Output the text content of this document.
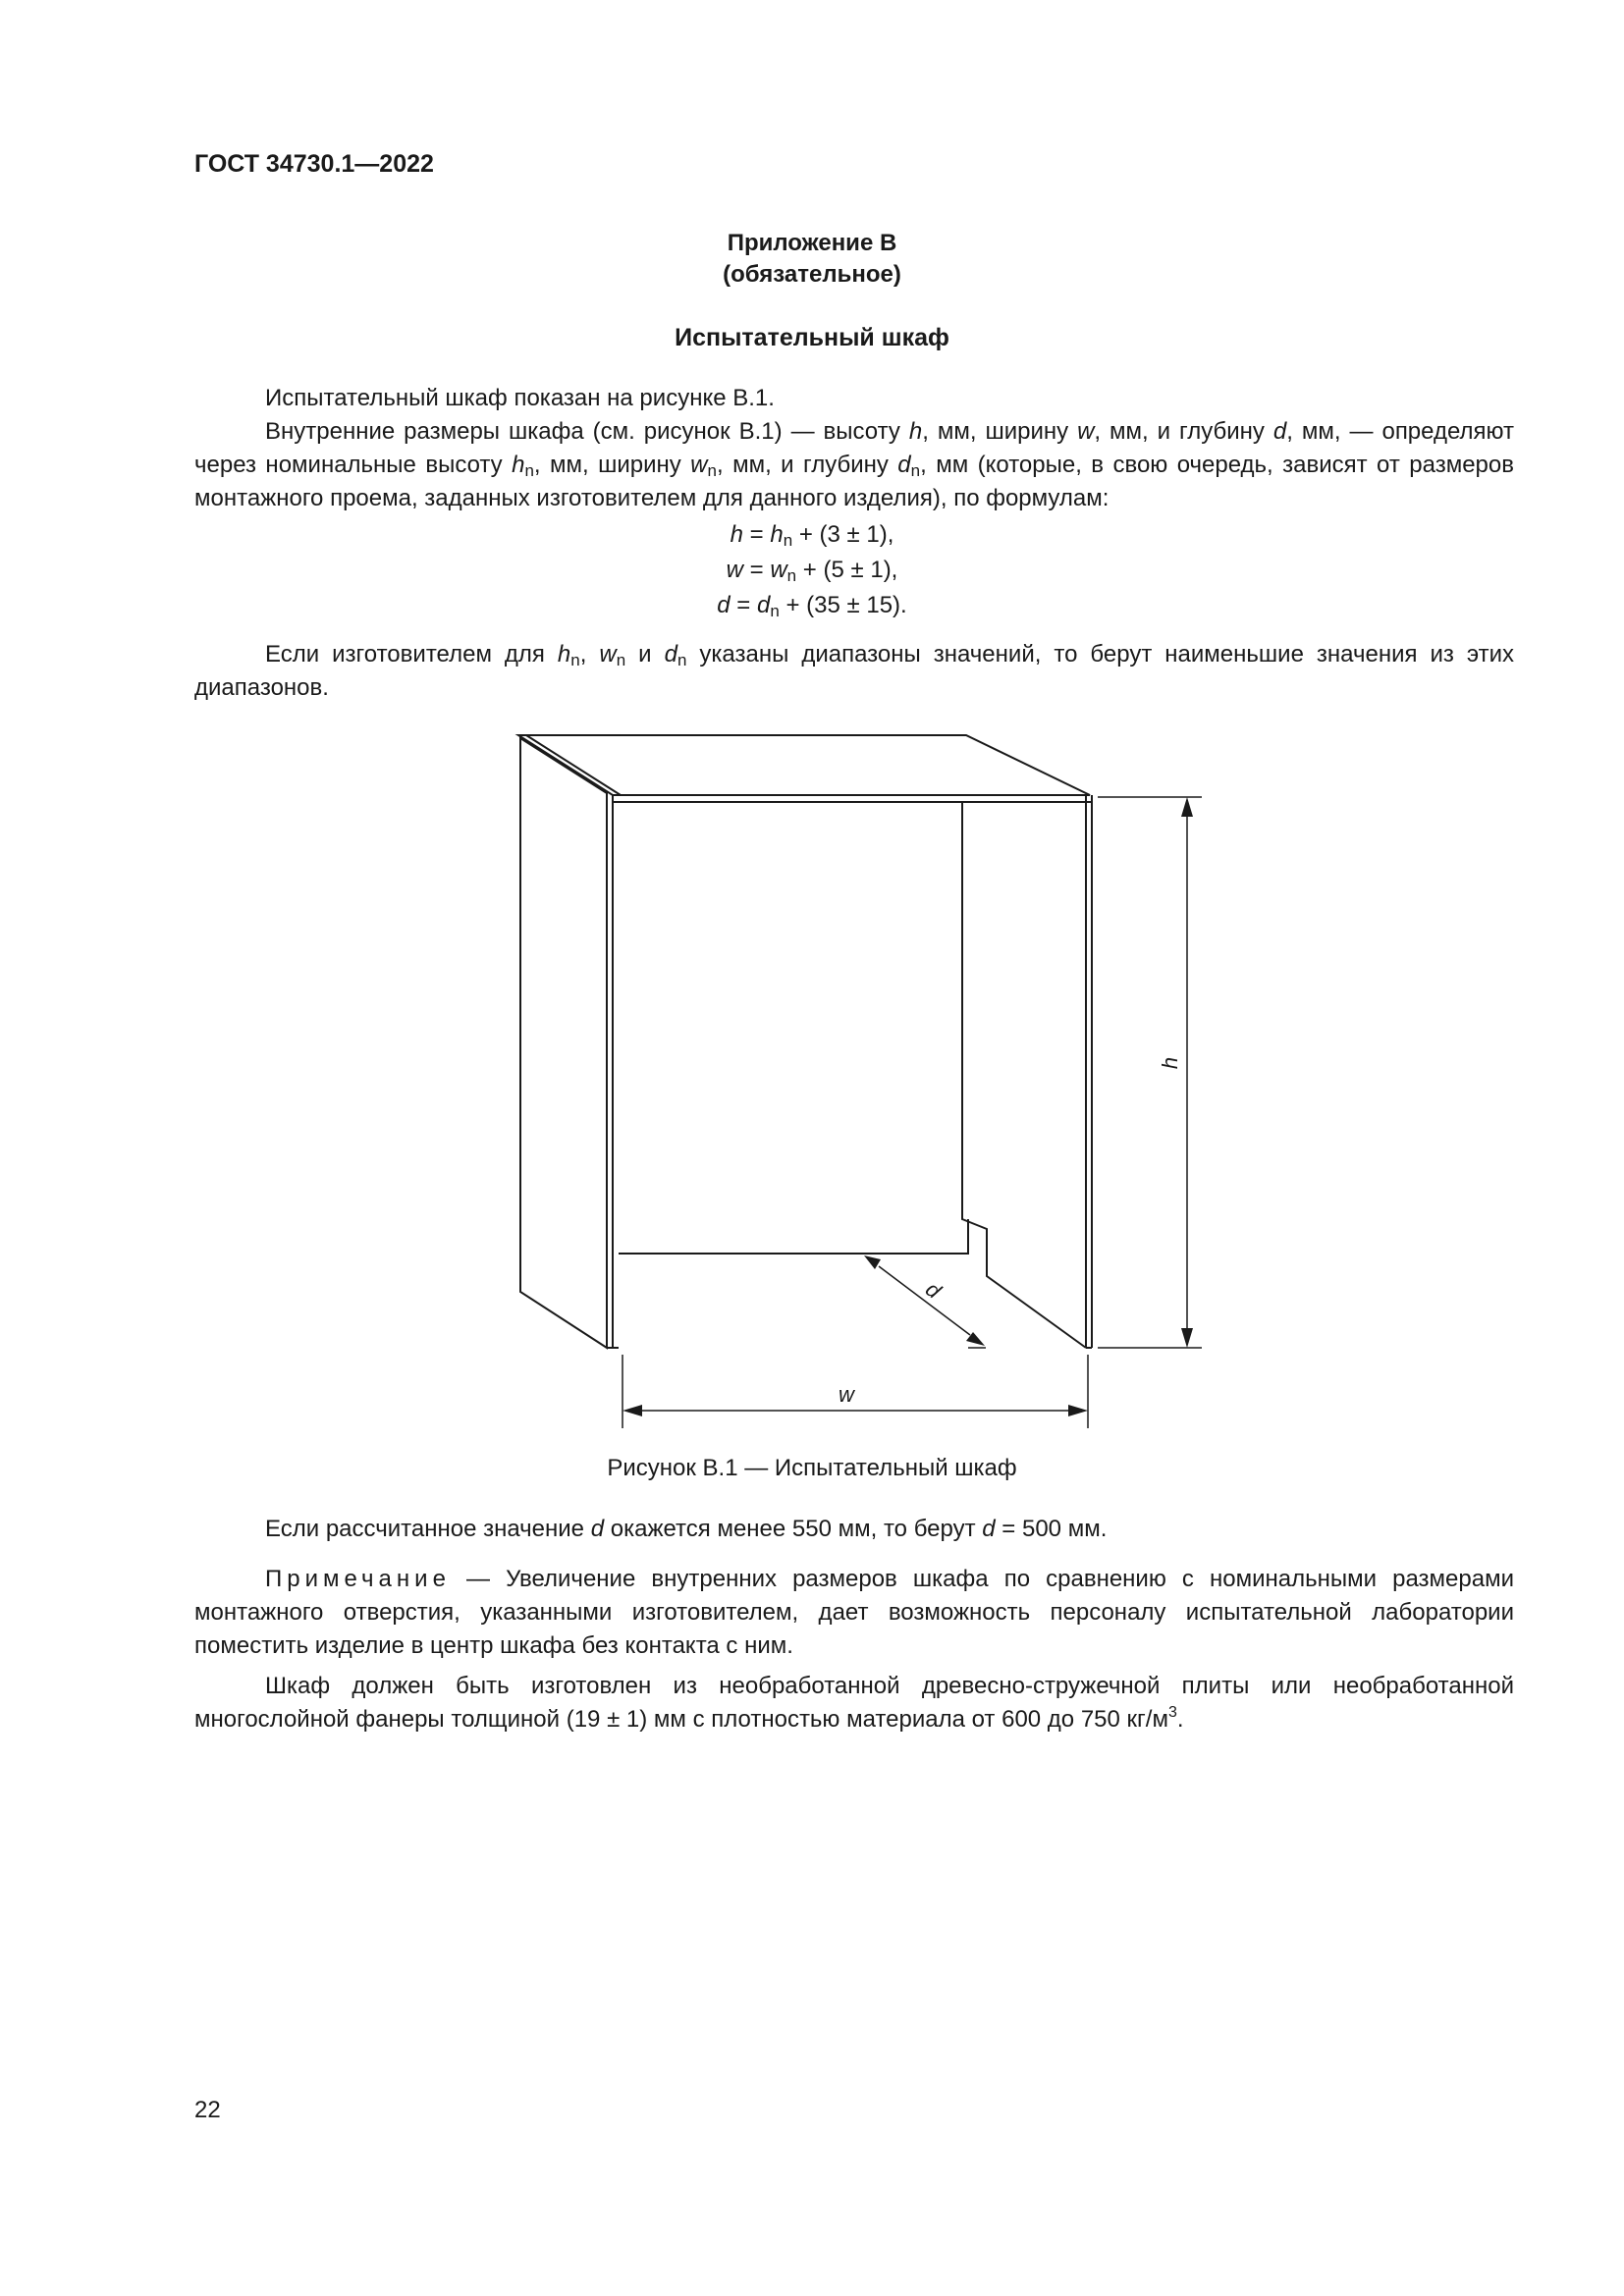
ГОСТ 34730.1—2022
Приложение В
(обязательное)
Испытательный шкаф
Испытательный шкаф показан на рисунке В.1.
Внутренние размеры шкафа (см. рисунок В.1) — высоту h, мм, ширину w, мм, и глубину d, мм, — определяют через номинальные высоту $h_n$, мм, ширину $w_n$, мм, и глубину $d_n$, мм (которые, в свою очередь, зависят от размеров монтажного проема, заданных изготовителем для данного изделия), по формулам:
$h = h_n + (3 \pm 1)$,
$w = w_n + (5 \pm 1)$,
$d = d_n + (35 \pm 15)$.
Если изготовителем для $h_n$, $w_n$ и $d_n$ указаны диапазоны значений, то берут наименьшие значения из этих диапазонов.
h
w
d
Рисунок В.1 — Испытательный шкаф
Если рассчитанное значение d окажется менее 550 мм, то берут d = 500 мм.
Примечание — Увеличение внутренних размеров шкафа по сравнению с номинальными размерами монтажного отверстия, указанными изготовителем, дает возможность персоналу испытательной лаборатории поместить изделие в центр шкафа без контакта с ним.
Шкаф должен быть изготовлен из необработанной древесно-стружечной плиты или необработанной многослойной фанеры толщиной (19 ± 1) мм с плотностью материала от 600 до 750 $кг/м^3$.
22
